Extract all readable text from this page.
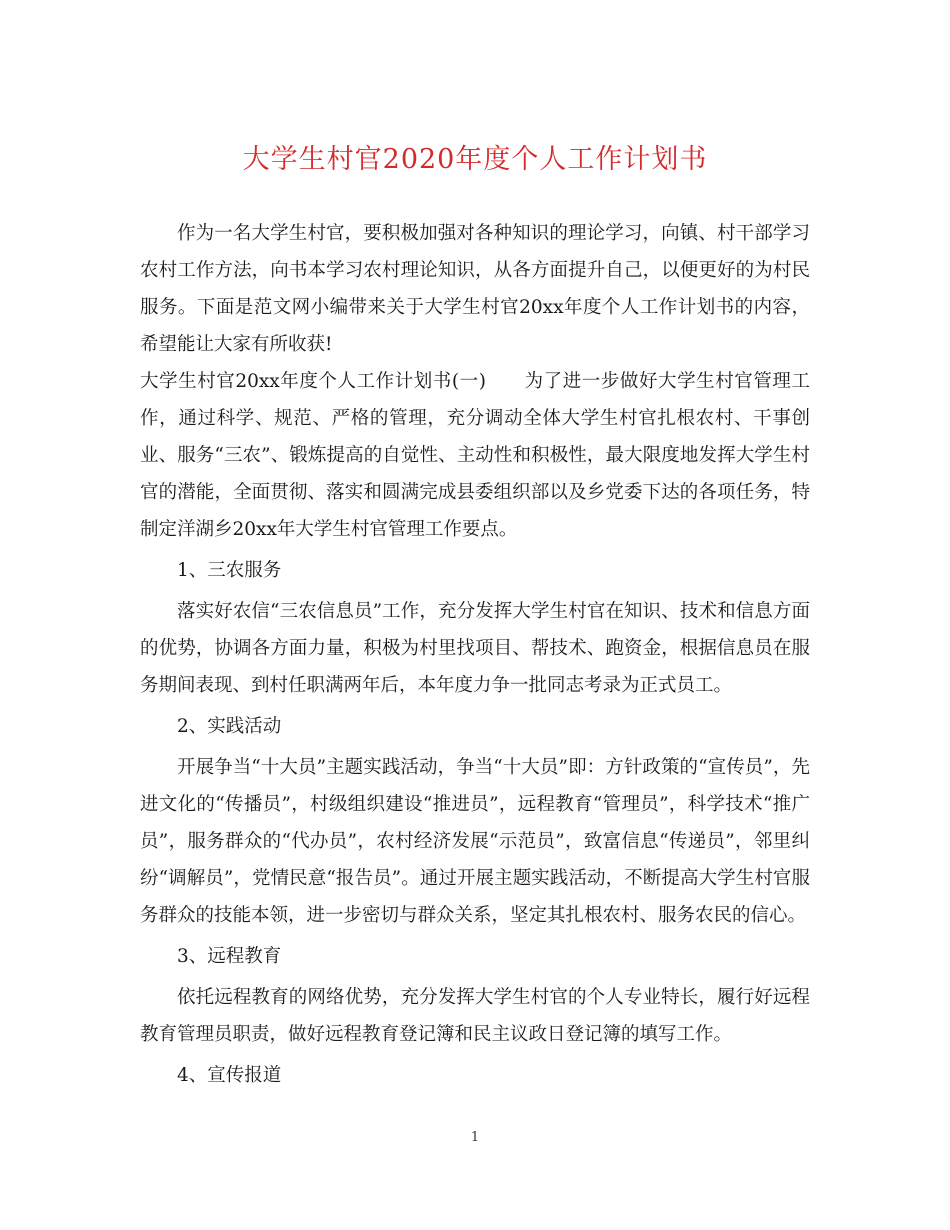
大学生村官2020年度个人工作计划书

作为一名大学生村官，要积极加强对各种知识的理论学习，向镇、村干部学习农村工作方法，向书本学习农村理论知识，从各方面提升自己，以便更好的为村民服务。下面是范文网小编带来关于大学生村官20xx年度个人工作计划书的内容，希望能让大家有所收获!

大学生村官20xx年度个人工作计划书(一)　　为了进一步做好大学生村官管理工作，通过科学、规范、严格的管理，充分调动全体大学生村官扎根农村、干事创业、服务“三农”、锻炼提高的自觉性、主动性和积极性，最大限度地发挥大学生村官的潜能，全面贯彻、落实和圆满完成县委组织部以及乡党委下达的各项任务，特制定洋湖乡20xx年大学生村官管理工作要点。

1、三农服务

落实好农信“三农信息员”工作，充分发挥大学生村官在知识、技术和信息方面的优势，协调各方面力量，积极为村里找项目、帮技术、跑资金，根据信息员在服务期间表现、到村任职满两年后，本年度力争一批同志考录为正式员工。

2、实践活动

开展争当“十大员”主题实践活动，争当“十大员”即：方针政策的“宣传员”，先进文化的“传播员”，村级组织建设“推进员”，远程教育“管理员”，科学技术“推广员”，服务群众的“代办员”，农村经济发展“示范员”，致富信息“传递员”，邻里纠纷“调解员”，党情民意“报告员”。通过开展主题实践活动，不断提高大学生村官服务群众的技能本领，进一步密切与群众关系，坚定其扎根农村、服务农民的信心。

3、远程教育

依托远程教育的网络优势，充分发挥大学生村官的个人专业特长，履行好远程教育管理员职责，做好远程教育登记簿和民主议政日登记簿的填写工作。

4、宣传报道

1
